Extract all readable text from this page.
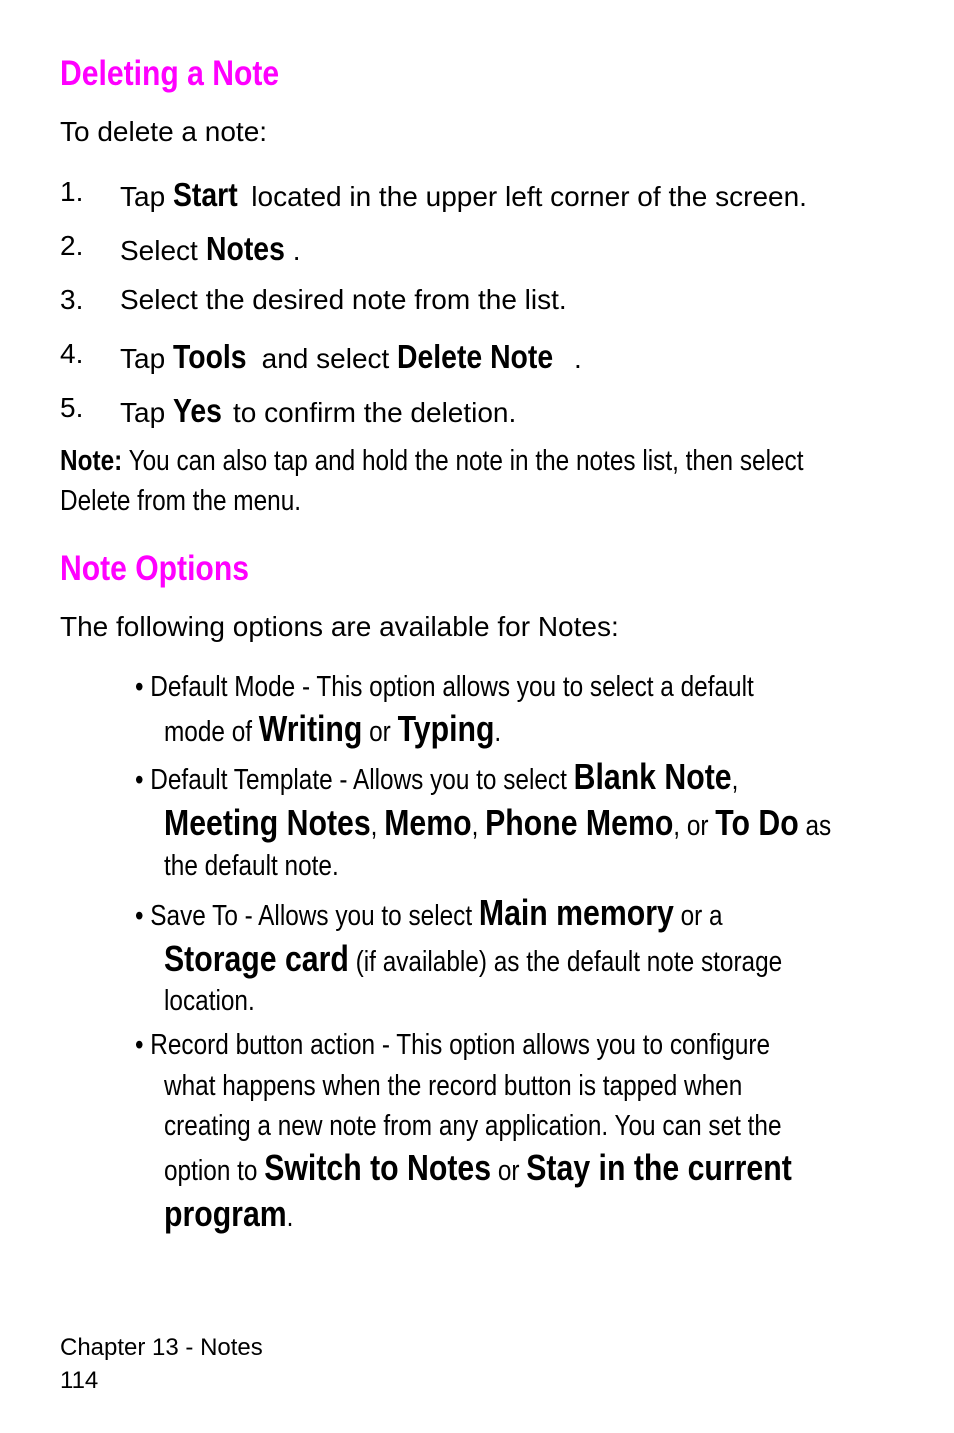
Deleting a Note

To delete a note:

1. Tap Start located in the upper left corner of the screen.
2. Select Notes .
3. Select the desired note from the list.
4. Tap Tools and select Delete Note .
5. Tap Yes to confirm the deletion.
Note: You can also tap and hold the note in the notes list, then select
Delete from the menu.
Note Options

The following options are available for Notes:

• Default Mode - This option allows you to select a default
mode of Writing or Typing.
• Default Template - Allows you to select Blank Note,
Meeting Notes, Memo, Phone Memo, or To Do as
the default note.
• Save To - Allows you to select Main memory or a
Storage card (if available) as the default note storage
location.
• Record button action - This option allows you to configure
what happens when the record button is tapped when
creating a new note from any application. You can set the
option to Switch to Notes or Stay in the current
program.
Chapter 13 - Notes
114
